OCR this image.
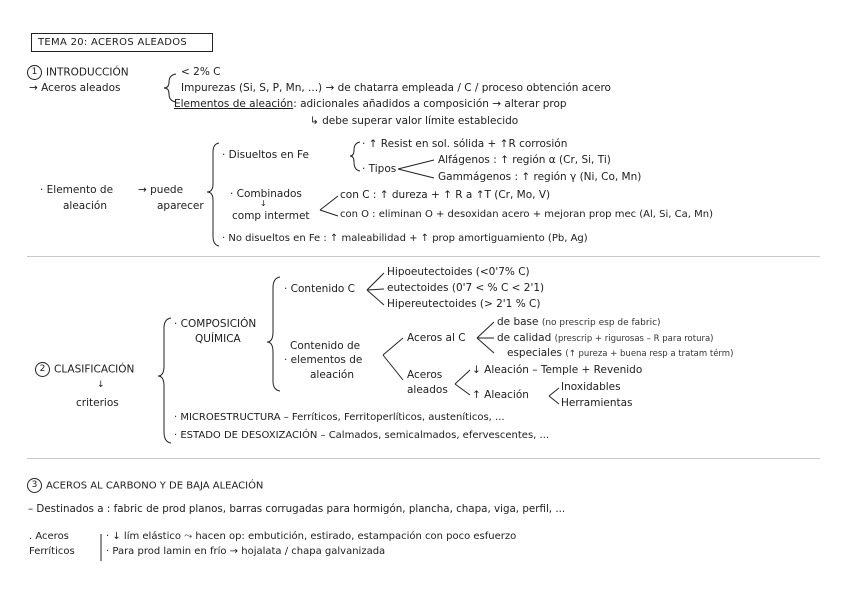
TEMA 20: ACEROS ALEADOS
1 INTRODUCCIÓN
→ Aceros aleados
< 2% C
Impurezas (Si, S, P, Mn, ...) → de chatarra empleada / C / proceso obtención acero
Elementos de aleación: adicionales añadidos a composición → alterar prop
↳ debe superar valor límite establecido
· Elemento de
aleación
→ puede
aparecer
· Disueltos en Fe
· ↑ Resist en sol. sólida + ↑R corrosión
· Tipos
Alfágenos : ↑ región α (Cr, Si, Ti)
Gammágenos : ↑ región γ (Ni, Co, Mn)
· Combinados
↓
comp intermet
con C : ↑ dureza + ↑ R a ↑T (Cr, Mo, V)
con O : eliminan O + desoxidan acero + mejoran prop mec (Al, Si, Ca, Mn)
· No disueltos en Fe : ↑ maleabilidad + ↑ prop amortiguamiento (Pb, Ag)
2 CLASIFICACIÓN
↓
criterios
· COMPOSICIÓN
QUÍMICA
· Contenido C
Hipoeutectoides (<0'7% C)
eutectoides (0'7 < % C < 2'1)
Hipereutectoides (> 2'1 % C)
Contenido de
· elementos de
aleación
Aceros al C
de base (no prescrip esp de fabric)
de calidad (prescrip + rigurosas – R para rotura)
especiales (↑ pureza + buena resp a tratam térm)
Aceros
aleados
↓ Aleación – Temple + Revenido
↑ Aleación
Inoxidables
Herramientas
· MICROESTRUCTURA – Ferríticos, Ferritoperlíticos, austeníticos, ...
· ESTADO DE DESOXIZACIÓN – Calmados, semicalmados, efervescentes, ...
3 ACEROS AL CARBONO Y DE BAJA ALEACIÓN
– Destinados a : fabric de prod planos, barras corrugadas para hormigón, plancha, chapa, viga, perfil, ...
. Aceros
Ferríticos
· ↓ lím elástico ⤳ hacen op: embutición, estirado, estampación con poco esfuerzo
· Para prod lamin en frío → hojalata / chapa galvanizada
